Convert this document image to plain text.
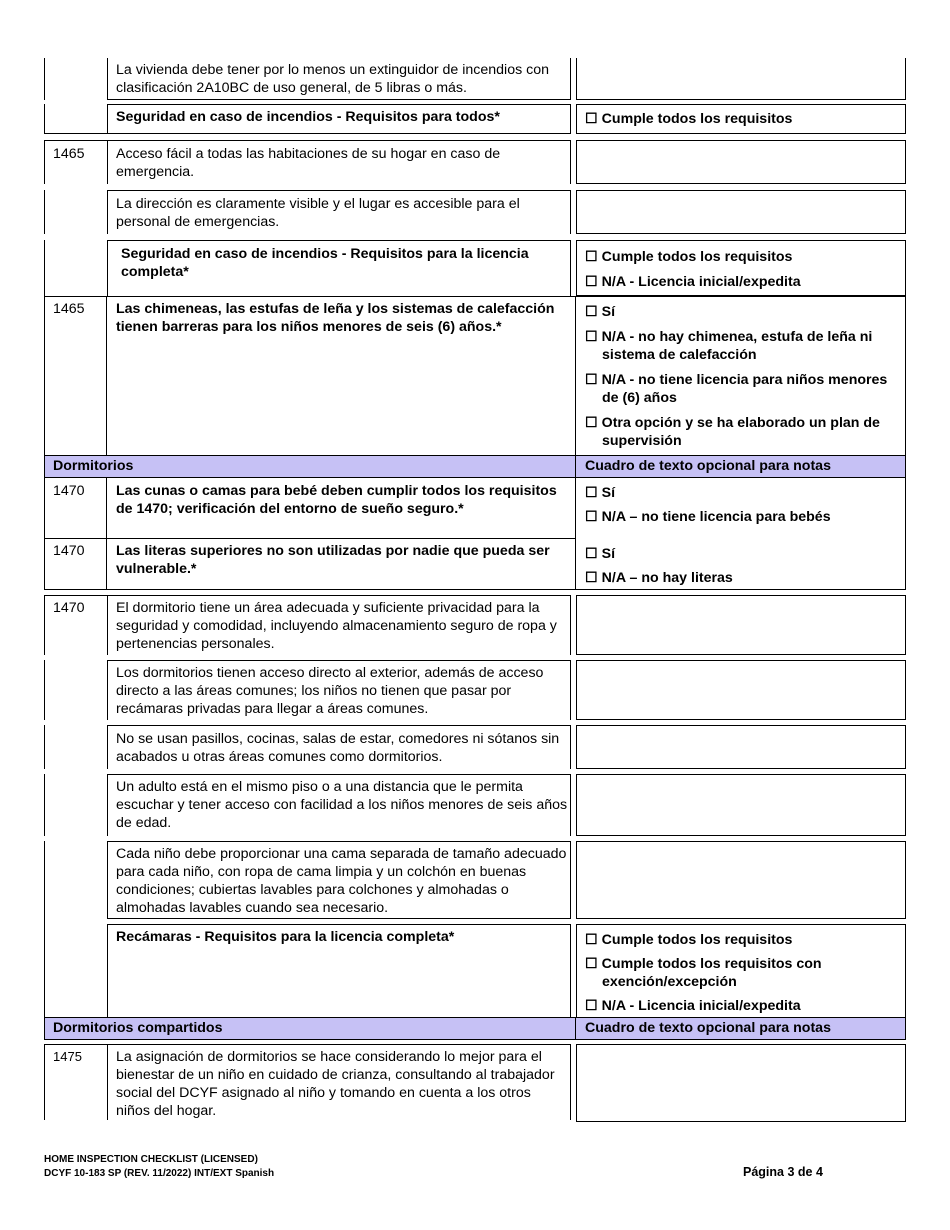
La vivienda debe tener por lo menos un extinguidor de incendios con clasificación 2A10BC de uso general, de 5 libras o más.
Seguridad en caso de incendios - Requisitos para todos*	☐ Cumple todos los requisitos
1465 Acceso fácil a todas las habitaciones de su hogar en caso de emergencia.
La dirección es claramente visible y el lugar es accesible para el personal de emergencias.
Seguridad en caso de incendios - Requisitos para la licencia completa*
☐ Cumple todos los requisitos
☐ N/A - Licencia inicial/expedita
1465 Las chimeneas, las estufas de leña y los sistemas de calefacción tienen barreras para los niños menores de seis (6) años.*
☐ Sí
☐ N/A - no hay chimenea, estufa de leña ni sistema de calefacción
☐ N/A - no tiene licencia para niños menores de (6) años
☐ Otra opción y se ha elaborado un plan de supervisión
Dormitorios	Cuadro de texto opcional para notas
1470 Las cunas o camas para bebé deben cumplir todos los requisitos de 1470; verificación del entorno de sueño seguro.*
☐ Sí
☐ N/A – no tiene licencia para bebés
1470 Las literas superiores no son utilizadas por nadie que pueda ser vulnerable.*
☐ Sí
☐ N/A – no hay literas
1470 El dormitorio tiene un área adecuada y suficiente privacidad para la seguridad y comodidad, incluyendo almacenamiento seguro de ropa y pertenencias personales.
Los dormitorios tienen acceso directo al exterior, además de acceso directo a las áreas comunes; los niños no tienen que pasar por recámaras privadas para llegar a áreas comunes.
No se usan pasillos, cocinas, salas de estar, comedores ni sótanos sin acabados u otras áreas comunes como dormitorios.
Un adulto está en el mismo piso o a una distancia que le permita escuchar y tener acceso con facilidad a los niños menores de seis años de edad.
Cada niño debe proporcionar una cama separada de tamaño adecuado para cada niño, con ropa de cama limpia y un colchón en buenas condiciones; cubiertas lavables para colchones y almohadas o almohadas lavables cuando sea necesario.
Recámaras - Requisitos para la licencia completa*	☐ Cumple todos los requisitos
☐ Cumple todos los requisitos con exención/excepción
☐ N/A - Licencia inicial/expedita
Dormitorios compartidos	Cuadro de texto opcional para notas
1475 La asignación de dormitorios se hace considerando lo mejor para el bienestar de un niño en cuidado de crianza, consultando al trabajador social del DCYF asignado al niño y tomando en cuenta a los otros niños del hogar.
HOME INSPECTION CHECKLIST (LICENSED)
DCYF 10-183 SP (REV. 11/2022) INT/EXT Spanish	Página 3 de 4
